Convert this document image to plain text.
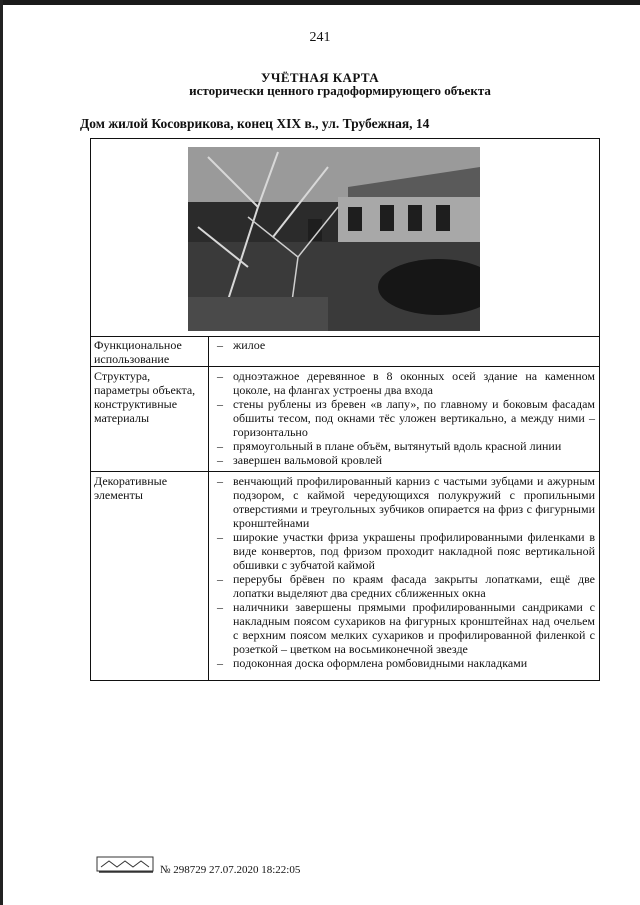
241
УЧЁТНАЯ КАРТА
исторически ценного градоформирующего объекта
Дом жилой Косоврикова, конец XIX в., ул. Трубежная, 14
Функциональное использование
– жилое
Структура, параметры объекта, конструктивные материалы
– одноэтажное деревянное в 8 оконных осей здание на каменном цоколе, на флангах устроены два входа
– стены рублены из бревен «в лапу», по главному и боковым фасадам обшиты тесом, под окнами тёс уложен вертикально, а между ними – горизонтально
– прямоугольный в плане объём, вытянутый вдоль красной линии
– завершен вальмовой кровлей
Декоративные элементы
– венчающий профилированный карниз с частыми зубцами и ажурным подзором, с каймой чередующихся полукружий с пропильными отверстиями и треугольных зубчиков опирается на фриз с фигурными кронштейнами
– широкие участки фриза украшены профилированными филенками в виде конвертов, под фризом проходит накладной пояс вертикальной обшивки с зубчатой каймой
– перерубы брёвен по краям фасада закрыты лопатками, ещё две лопатки выделяют два средних сближенных окна
– наличники завершены прямыми профилированными сандриками с накладным поясом сухариков на фигурных кронштейнах над очельем с верхним поясом мелких сухариков и профилированной филенкой с розеткой – цветком на восьмиконечной звезде
– подоконная доска оформлена ромбовидными накладками
№ 298729 27.07.2020 18:22:05
